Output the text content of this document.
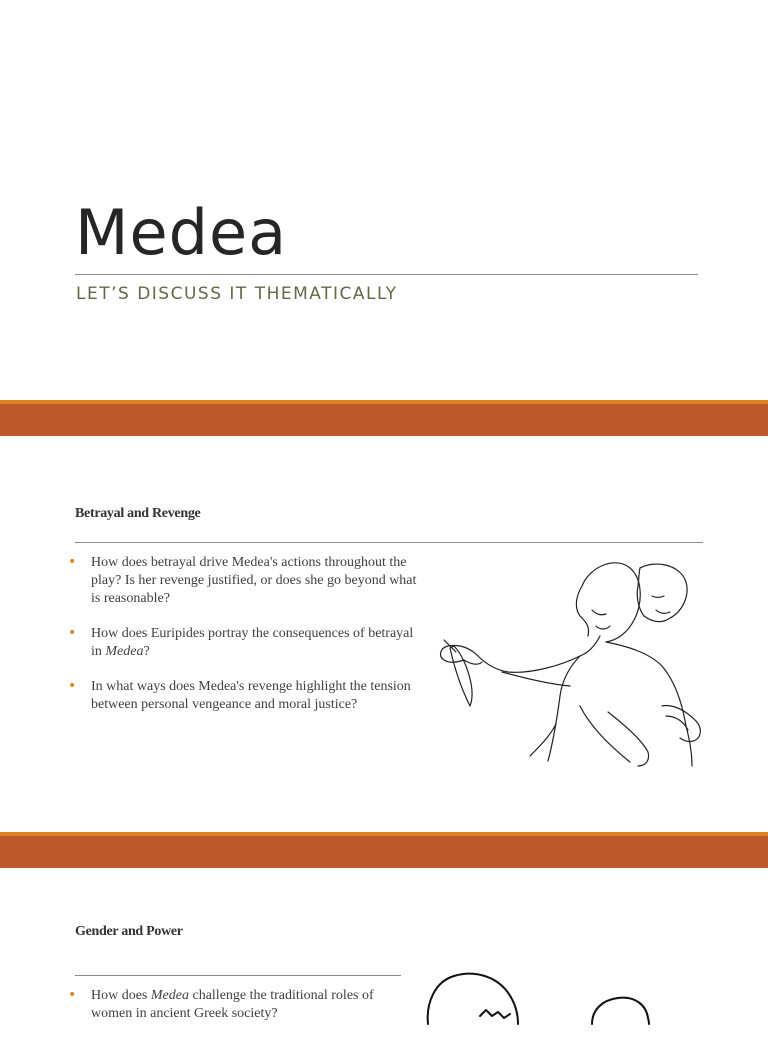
Medea
LET’S DISCUSS IT THEMATICALLY
Betrayal and Revenge
• How does betrayal drive Medea's actions throughout the play? Is her revenge justified, or does she go beyond what is reasonable?
• How does Euripides portray the consequences of betrayal in Medea?
• In what ways does Medea's revenge highlight the tension between personal vengeance and moral justice?
Gender and Power
• How does Medea challenge the traditional roles of women in ancient Greek society?
